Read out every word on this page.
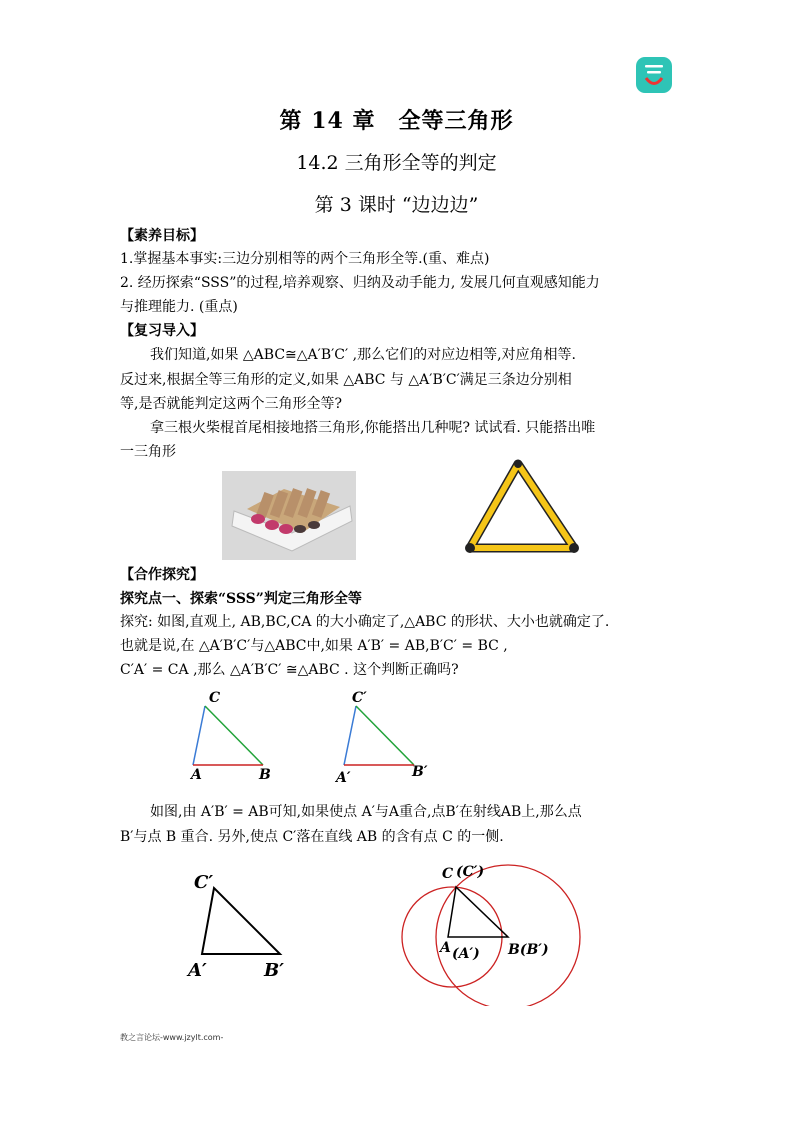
第 14 章　全等三角形
14.2 三角形全等的判定
第 3 课时 “边边边”
【素养目标】
1.掌握基本事实:三边分别相等的两个三角形全等.(重、难点)
2. 经历探索“SSS”的过程,培养观察、归纳及动手能力, 发展几何直观感知能力
与推理能力. (重点)
【复习导入】
我们知道,如果 △ABC≅△A′B′C′ ,那么它们的对应边相等,对应角相等.
反过来,根据全等三角形的定义,如果 △ABC 与 △A′B′C′满足三条边分别相
等,是否就能判定这两个三角形全等?
拿三根火柴棍首尾相接地搭三角形,你能搭出几种呢? 试试看. 只能搭出唯
一三角形
【合作探究】
探究点一、探索“SSS”判定三角形全等
探究: 如图,直观上, AB,BC,CA 的大小确定了,△ABC 的形状、大小也就确定了.
也就是说,在 △A′B′C′与△ABC中,如果 A′B′ = AB,B′C′ = BC ,
C′A′ = CA ,那么 △A′B′C′ ≅△ABC . 这个判断正确吗?
C
A	B
C′
A′	B′
如图,由 A′B′ = AB可知,如果使点 A′与A重合,点B′在射线AB上,那么点
B′与点 B 重合. 另外,使点 C′落在直线 AB 的含有点 C 的一侧.
C′
A′	B′
C (C′)
A (A′) B(B′)
教之言论坛-www.jzylt.com-
